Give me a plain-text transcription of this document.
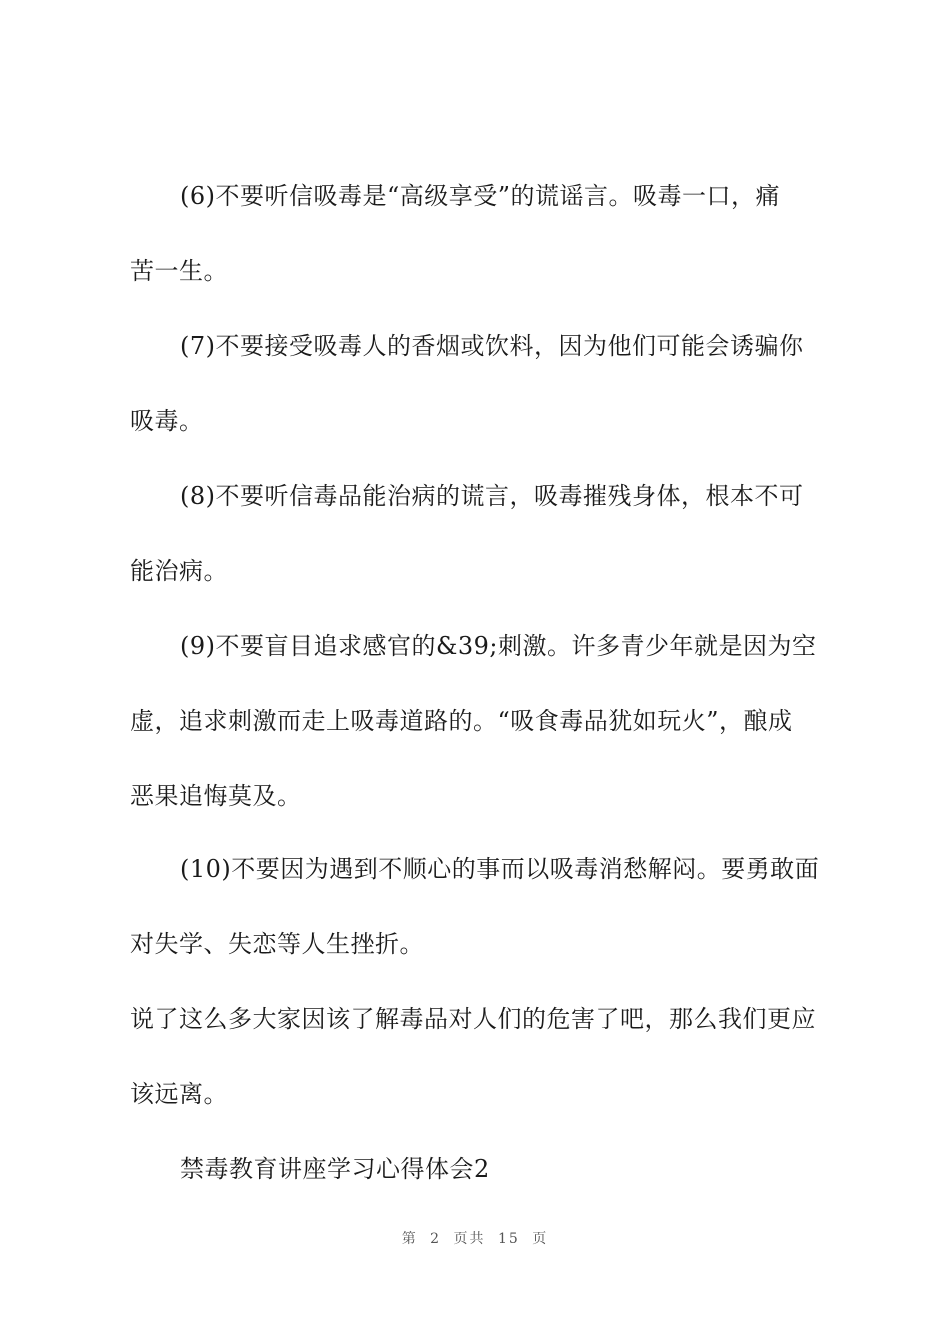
(6)不要听信吸毒是“高级享受”的谎谣言。吸毒一口，痛
苦一生。
(7)不要接受吸毒人的香烟或饮料，因为他们可能会诱骗你
吸毒。
(8)不要听信毒品能治病的谎言，吸毒摧残身体，根本不可
能治病。
(9)不要盲目追求感官的&39;刺激。许多青少年就是因为空
虚，追求刺激而走上吸毒道路的。“吸食毒品犹如玩火”，酿成
恶果追悔莫及。
(10)不要因为遇到不顺心的事而以吸毒消愁解闷。要勇敢面
对失学、失恋等人生挫折。
说了这么多大家因该了解毒品对人们的危害了吧，那么我们更应
该远离。
禁毒教育讲座学习心得体会2
第 2 页共 15 页
